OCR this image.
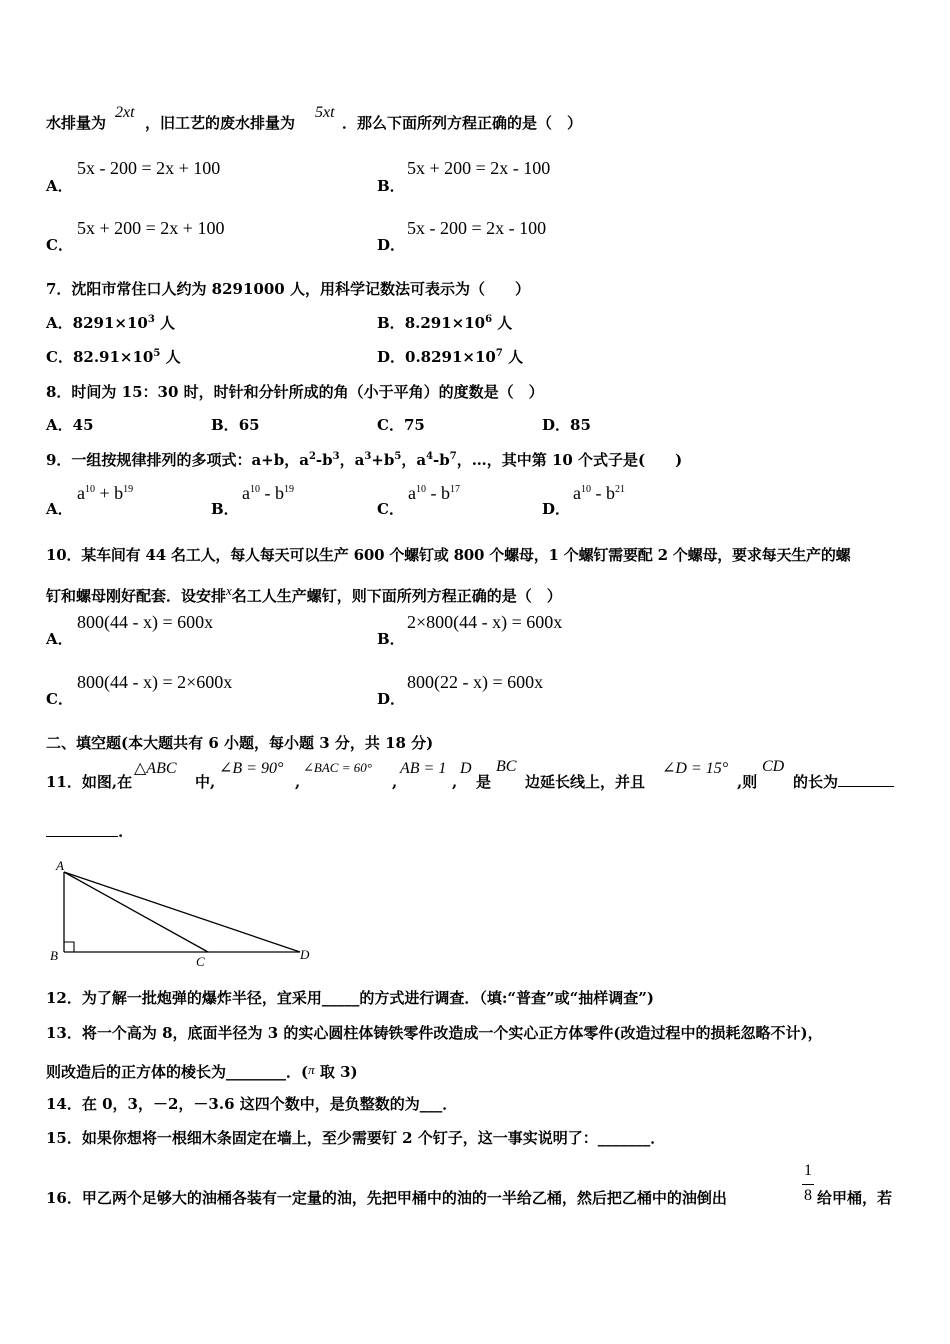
水排量为
2xt
，旧工艺的废水排量为
5xt
．那么下面所列方程正确的是（　）
A．
5x - 200 = 2x + 100
B．
5x + 200 = 2x - 100
C．
5x + 200 = 2x + 100
D．
5x - 200 = 2x - 100
7．沈阳市常住口人约为 8291000 人，用科学记数法可表示为（　　）
A．$8291\times 10^3$ 人	B．$8.291\times 10^6$ 人
C．$82.91\times 10^5$ 人	D．$0.8291\times 10^7$ 人
8．时间为 15：30 时，时针和分针所成的角（小于平角）的度数是（　）
A．45	B．65	C．75	D．85
9．一组按规律排列的多项式：a+b，$a^2-b^3$，$a^3+b^5$，$a^4-b^7$，…，其中第 10 个式子是(　　)
A．
$a^{10} + b^{19}$
B．
$a^{10} - b^{19}$
C．
$a^{10} - b^{17}$
D．
$a^{10} - b^{21}$
10．某车间有 44 名工人，每人每天可以生产 600 个螺钉或 800 个螺母，1 个螺钉需要配 2 个螺母，要求每天生产的螺
钉和螺母刚好配套．设安排x名工人生产螺钉，则下面所列方程正确的是（　）
A．
800(44 - x) = 600x
B．
2×800(44 - x) = 600x
C．
800(44 - x) = 2×600x
D．
800(22 - x) = 600x
二、填空题(本大题共有 6 小题，每小题 3 分，共 18 分)
11．如图,在
△ABC
中,
∠B = 90°
,
∠BAC = 60°
,
AB = 1
,
D
是
BC
边延长线上，并且
∠D = 15°
,则
CD
的长为
.
A
B	C	D
12．为了解一批炮弹的爆炸半径，宜采用_____的方式进行调查．（填:“普查”或“抽样调查”)
13．将一个高为 8，底面半径为 3 的实心圆柱体铸铁零件改造成一个实心正方体零件(改造过程中的损耗忽略不计)，
则改造后的正方体的棱长为________．(π 取 3)
14．在 0，3，－2，－3.6 这四个数中，是负整数的为___．
15．如果你想将一根细木条固定在墙上，至少需要钉 2 个钉子，这一事实说明了：_______．
16．甲乙两个足够大的油桶各装有一定量的油，先把甲桶中的油的一半给乙桶，然后把乙桶中的油倒出
1
8 给甲桶，若
